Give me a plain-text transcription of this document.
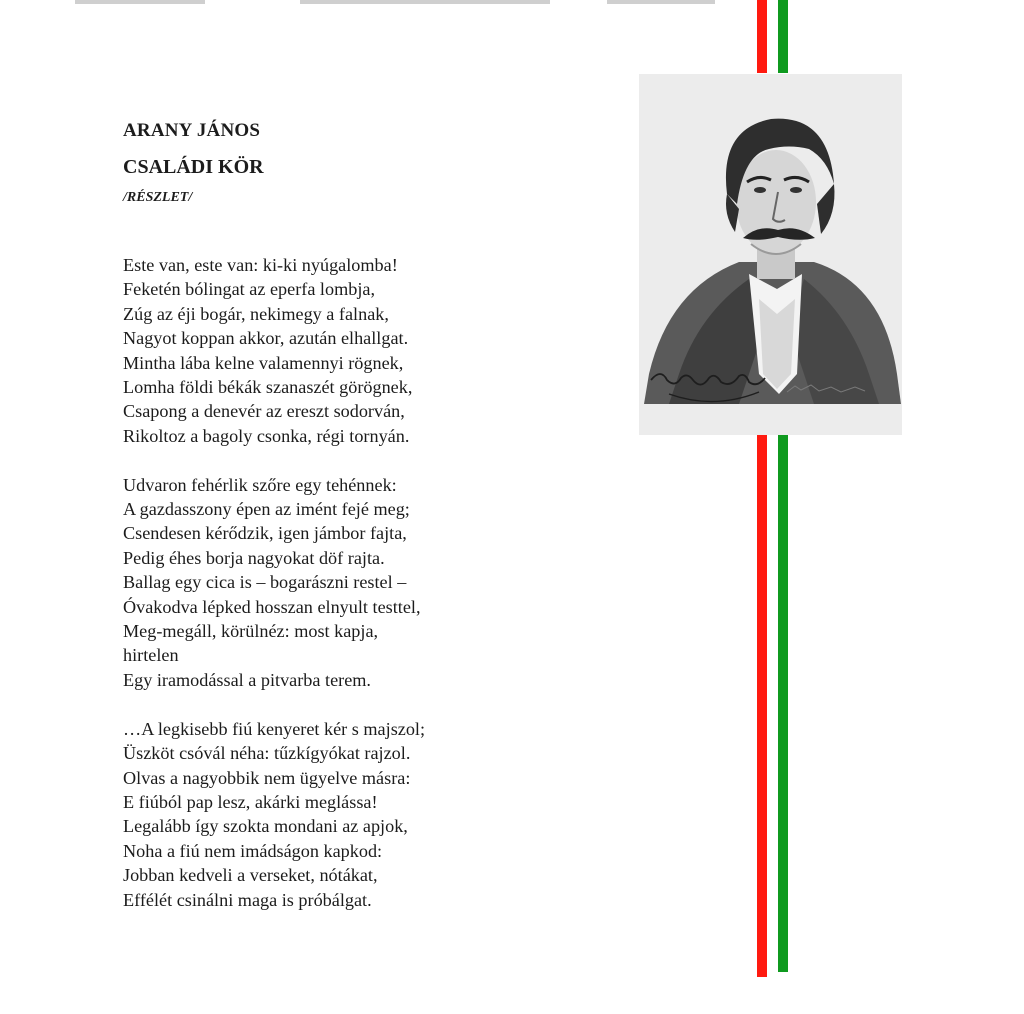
ARANY JÁNOS

CSALÁDI KÖR

/RÉSZLET/

Este van, este van: ki-ki nyúgalomba!
Feketén bólingat az eperfa lombja,
Zúg az éji bogár, nekimegy a falnak,
Nagyot koppan akkor, azután elhallgat.
Mintha lába kelne valamennyi rögnek,
Lomha földi békák szanaszét görögnek,
Csapong a denevér az ereszt sodorván,
Rikoltoz a bagoly csonka, régi tornyán.
Udvaron fehérlik szőre egy tehénnek:
A gazdasszony épen az imént fejé meg;
Csendesen kérődzik, igen jámbor fajta,
Pedig éhes borja nagyokat döf rajta.
Ballag egy cica is – bogarászni restel –
Óvakodva lépked hosszan elnyult testtel,
Meg-megáll, körülnéz: most kapja,
hirtelen
Egy iramodással a pitvarba terem.
…A legkisebb fiú kenyeret kér s majszol;
Üszköt csóvál néha: tűzkígyókat rajzol.
Olvas a nagyobbik nem ügyelve másra:
E fiúból pap lesz, akárki meglássa!
Legalább így szokta mondani az apjok,
Noha a fiú nem imádságon kapkod:
Jobban kedveli a verseket, nótákat,
Effélét csinálni maga is próbálgat.
